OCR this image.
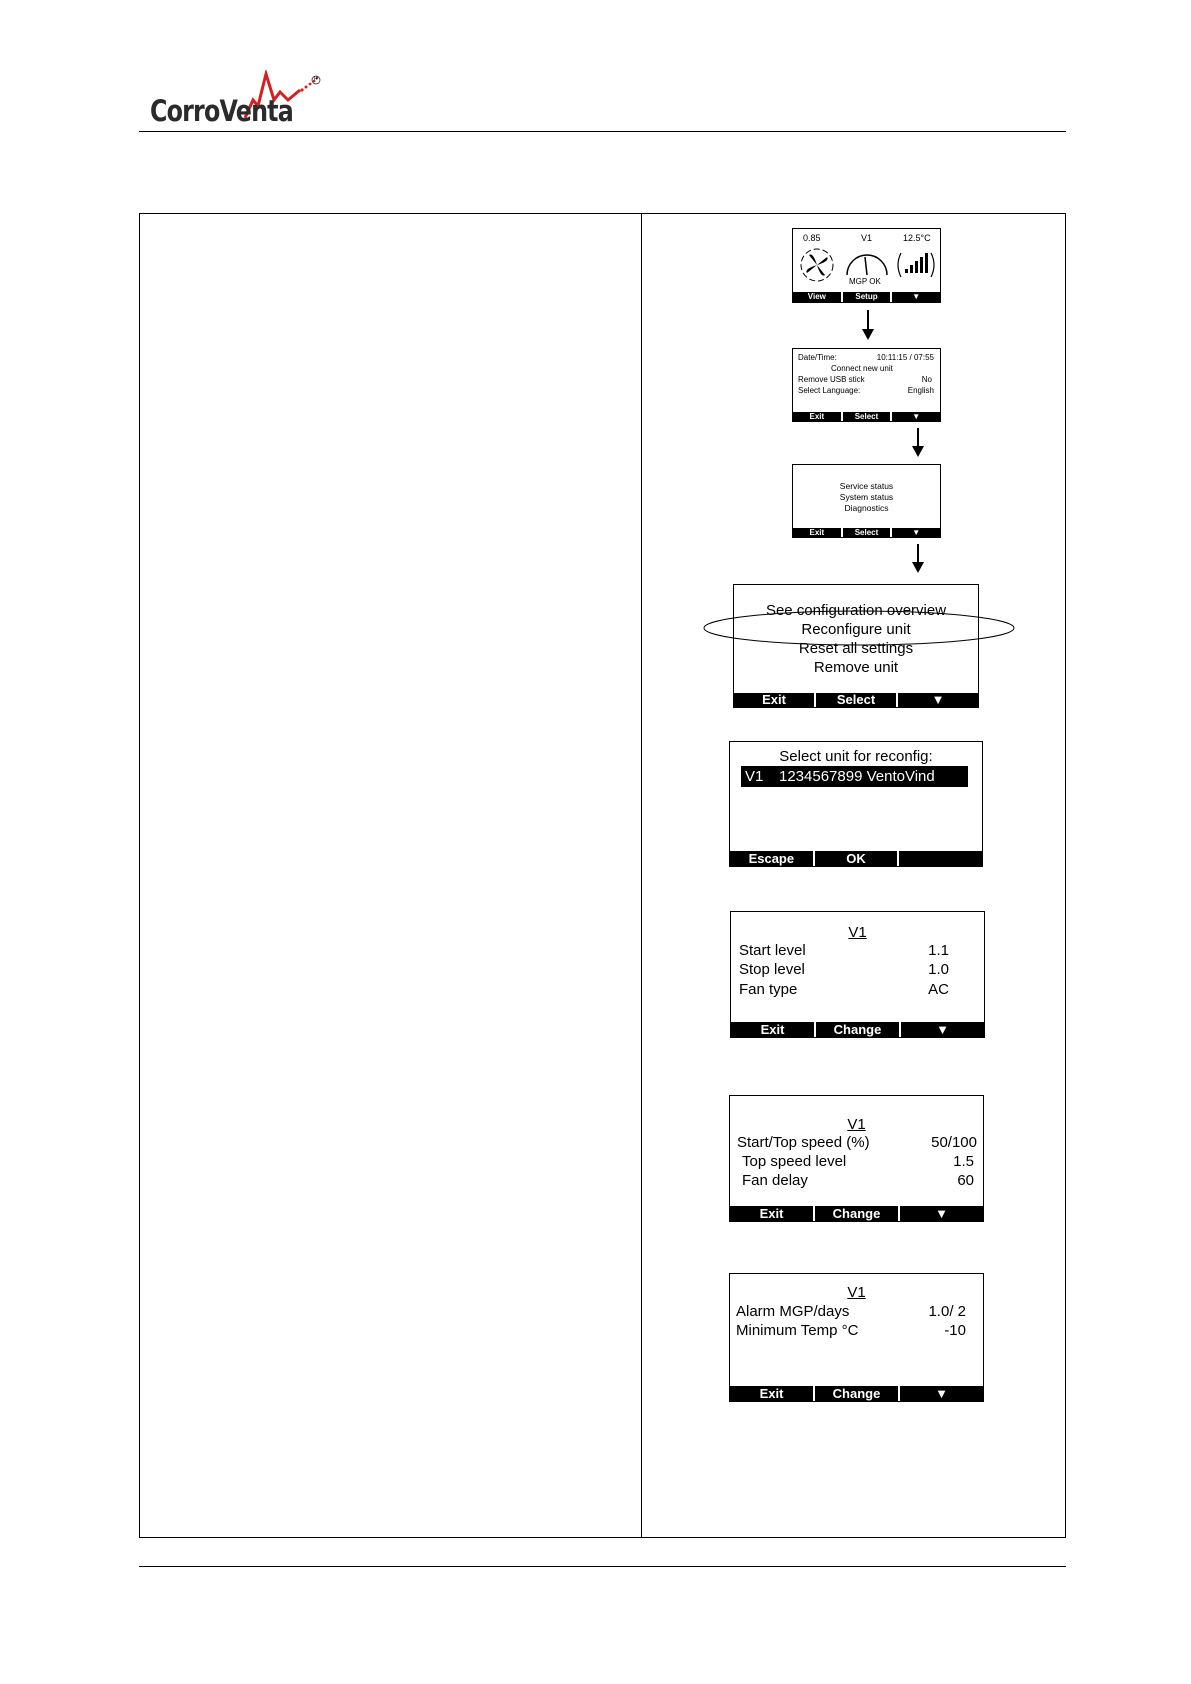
CorroVenta
R
0.85	V1	12.5°C
MGP OK
View	Setup	▼
Date/Time:	10:11:15 / 07:55
Connect new unit
Remove USB stick	No
Select Language:	English
Exit	Select	▼
Service status
System status
Diagnostics
Exit	Select	▼
See configuration overview
Reconfigure unit
Reset all settings
Remove unit
Exit	Select	▼
Select unit for reconfig:
V1 1234567899 VentoVind
Escape	OK
V1
Start level	1.1
Stop level	1.0
Fan type	AC
Exit	Change	▼
V1
Start/Top speed (%)	50/100
Top speed level	1.5
Fan delay	60
Exit	Change	▼
V1
Alarm MGP/days	1.0/ 2
Minimum Temp °C	-10
Exit	Change	▼
